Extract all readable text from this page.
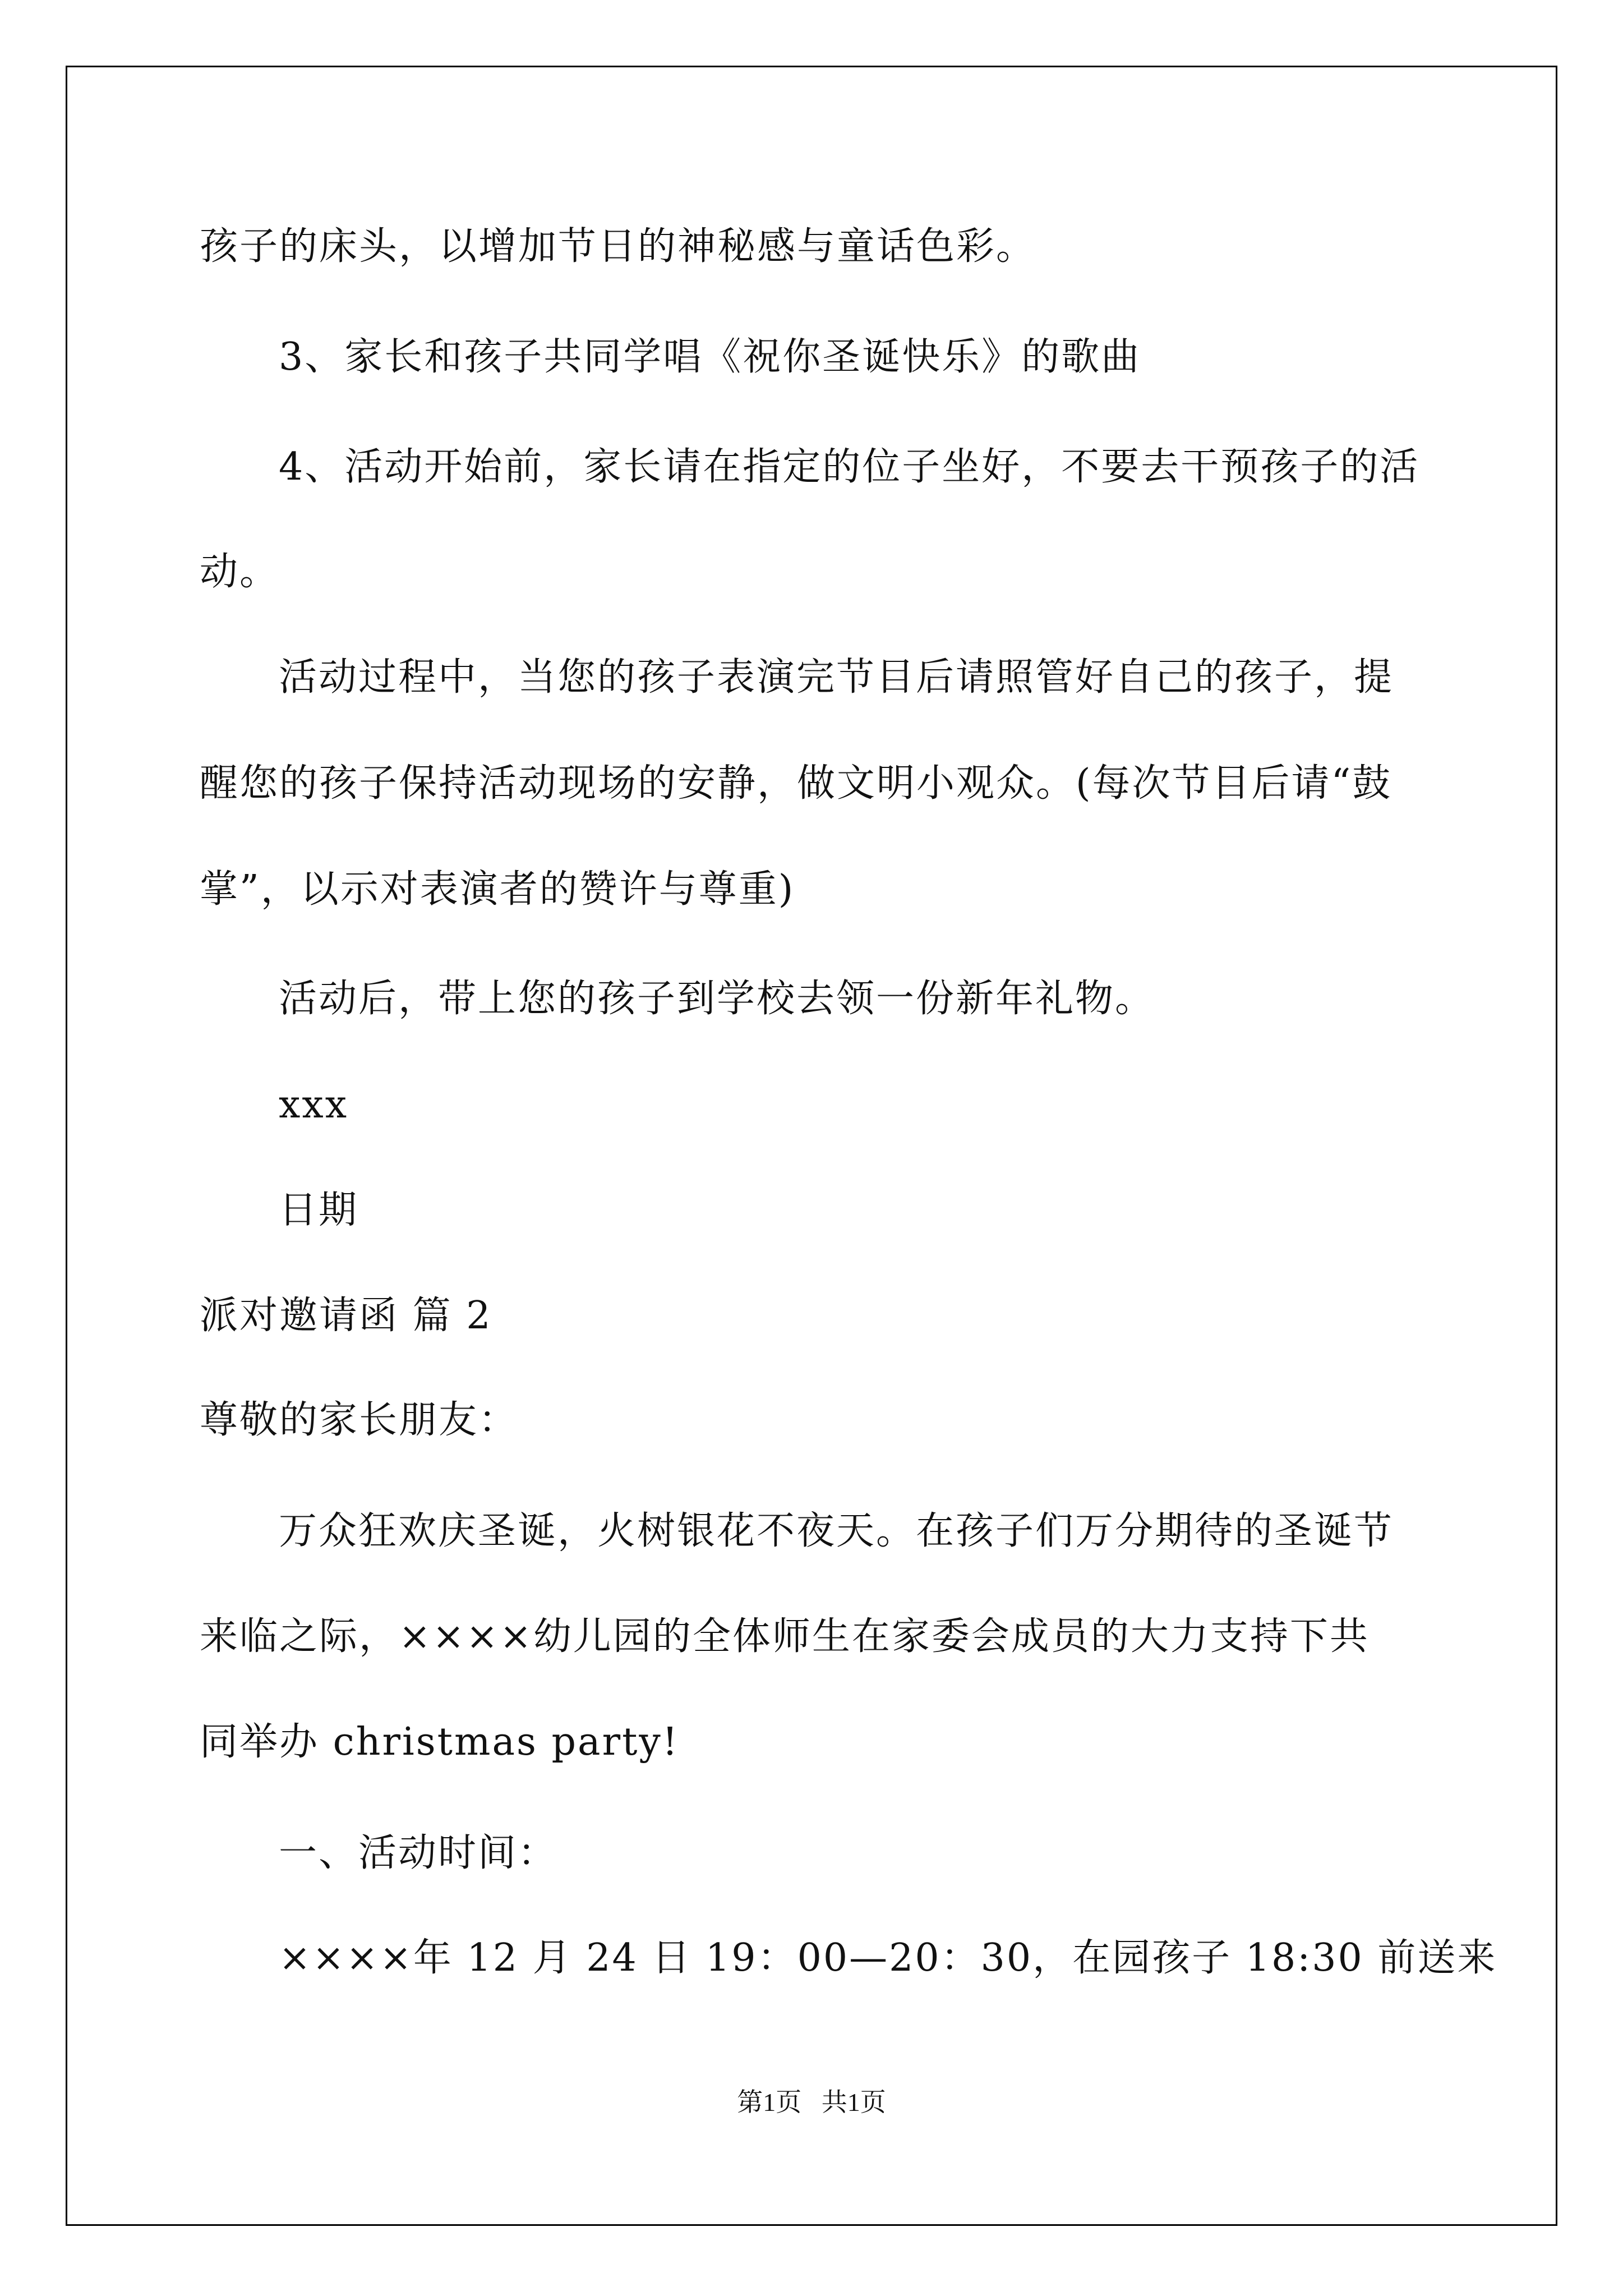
孩子的床头，以增加节日的神秘感与童话色彩。
3、家长和孩子共同学唱《祝你圣诞快乐》的歌曲
4、活动开始前，家长请在指定的位子坐好，不要去干预孩子的活
动。
活动过程中，当您的孩子表演完节目后请照管好自己的孩子，提
醒您的孩子保持活动现场的安静，做文明小观众。(每次节目后请“鼓
掌”，以示对表演者的赞许与尊重)
活动后，带上您的孩子到学校去领一份新年礼物。
xxx
日期
派对邀请函 篇 2
尊敬的家长朋友：
万众狂欢庆圣诞，火树银花不夜天。在孩子们万分期待的圣诞节
来临之际，××××幼儿园的全体师生在家委会成员的大力支持下共
同举办 christmas party!
一、活动时间：
××××年 12 月 24 日 19：00—20：30，在园孩子 18:30 前送来
第1页 共1页
